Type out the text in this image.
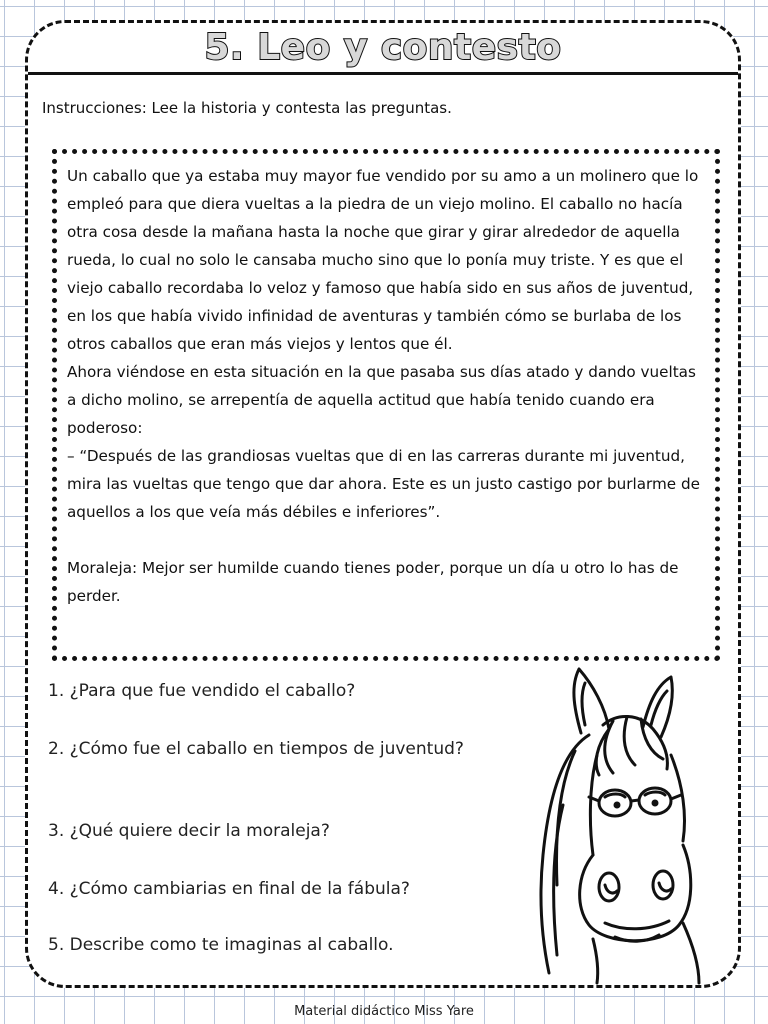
5. Leo y contesto

Instrucciones: Lee la historia y contesta las preguntas.

Un caballo que ya estaba muy mayor fue vendido por su amo a un molinero que lo empleó para que diera vueltas a la piedra de un viejo molino. El caballo no hacía otra cosa desde la mañana hasta la noche que girar y girar alrededor de aquella rueda, lo cual no solo le cansaba mucho sino que lo ponía muy triste. Y es que el viejo caballo recordaba lo veloz y famoso que había sido en sus años de juventud, en los que había vivido infinidad de aventuras y también cómo se burlaba de los otros caballos que eran más viejos y lentos que él.

Ahora viéndose en esta situación en la que pasaba sus días atado y dando vueltas a dicho molino, se arrepentía de aquella actitud que había tenido cuando era poderoso:

– “Después de las grandiosas vueltas que di en las carreras durante mi juventud, mira las vueltas que tengo que dar ahora. Este es un justo castigo por burlarme de aquellos a los que veía más débiles e inferiores”.

Moraleja: Mejor ser humilde cuando tienes poder, porque un día u otro lo has de perder.

1. ¿Para que fue vendido el caballo?

2. ¿Cómo fue el caballo en tiempos de juventud?

3. ¿Qué quiere decir la moraleja?

4. ¿Cómo cambiarias en final de la fábula?

5. Describe como te imaginas al caballo.

Material didáctico Miss Yare
